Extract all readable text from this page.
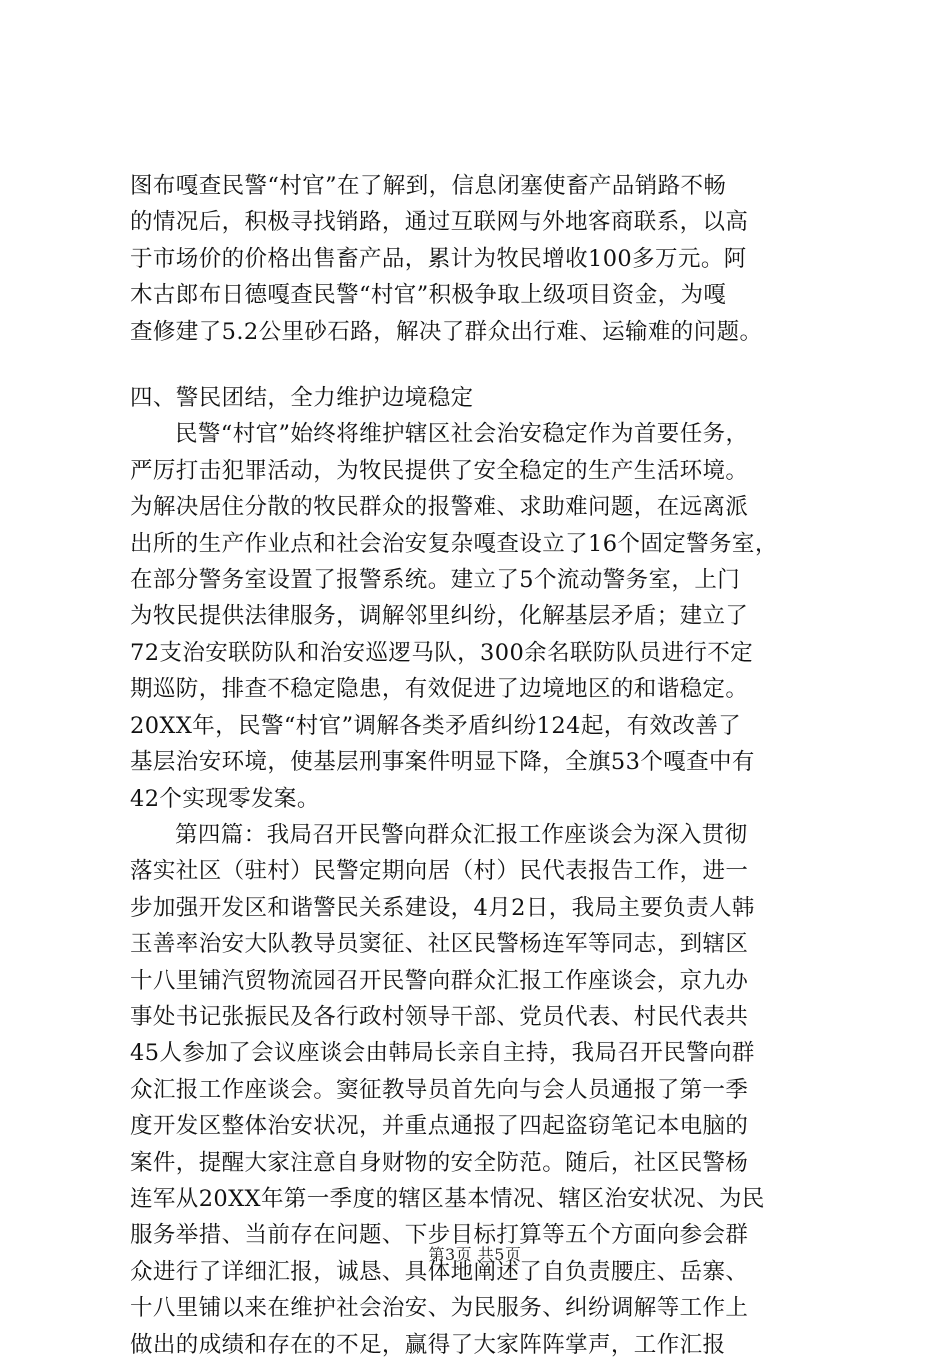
图布嘎查民警“村官”在了解到，信息闭塞使畜产品销路不畅
的情况后，积极寻找销路，通过互联网与外地客商联系，以高
于市场价的价格出售畜产品，累计为牧民增收100多万元。阿
木古郎布日德嘎查民警“村官”积极争取上级项目资金，为嘎
查修建了5.2公里砂石路，解决了群众出行难、运输难的问题。

四、警民团结，全力维护边境稳定

民警“村官”始终将维护辖区社会治安稳定作为首要任务，
严厉打击犯罪活动，为牧民提供了安全稳定的生产生活环境。
为解决居住分散的牧民群众的报警难、求助难问题，在远离派
出所的生产作业点和社会治安复杂嘎查设立了16个固定警务室，
在部分警务室设置了报警系统。建立了5个流动警务室，上门
为牧民提供法律服务，调解邻里纠纷，化解基层矛盾；建立了
72支治安联防队和治安巡逻马队，300余名联防队员进行不定
期巡防，排查不稳定隐患，有效促进了边境地区的和谐稳定。
20XX年，民警“村官”调解各类矛盾纠纷124起，有效改善了
基层治安环境，使基层刑事案件明显下降，全旗53个嘎查中有
42个实现零发案。

第四篇：我局召开民警向群众汇报工作座谈会为深入贯彻
落实社区（驻村）民警定期向居（村）民代表报告工作，进一
步加强开发区和谐警民关系建设，4月2日，我局主要负责人韩
玉善率治安大队教导员窦征、社区民警杨连军等同志，到辖区
十八里铺汽贸物流园召开民警向群众汇报工作座谈会，京九办
事处书记张振民及各行政村领导干部、党员代表、村民代表共
45人参加了会议座谈会由韩局长亲自主持，我局召开民警向群
众汇报工作座谈会。窦征教导员首先向与会人员通报了第一季
度开发区整体治安状况，并重点通报了四起盗窃笔记本电脑的
案件，提醒大家注意自身财物的安全防范。随后，社区民警杨
连军从20XX年第一季度的辖区基本情况、辖区治安状况、为民
服务举措、当前存在问题、下步目标打算等五个方面向参会群
众进行了详细汇报，诚恳、具体地阐述了自负责腰庄、岳寨、
十八里铺以来在维护社会治安、为民服务、纠纷调解等工作上
做出的成绩和存在的不足，赢得了大家阵阵掌声，工作汇报

第3页 共5页
